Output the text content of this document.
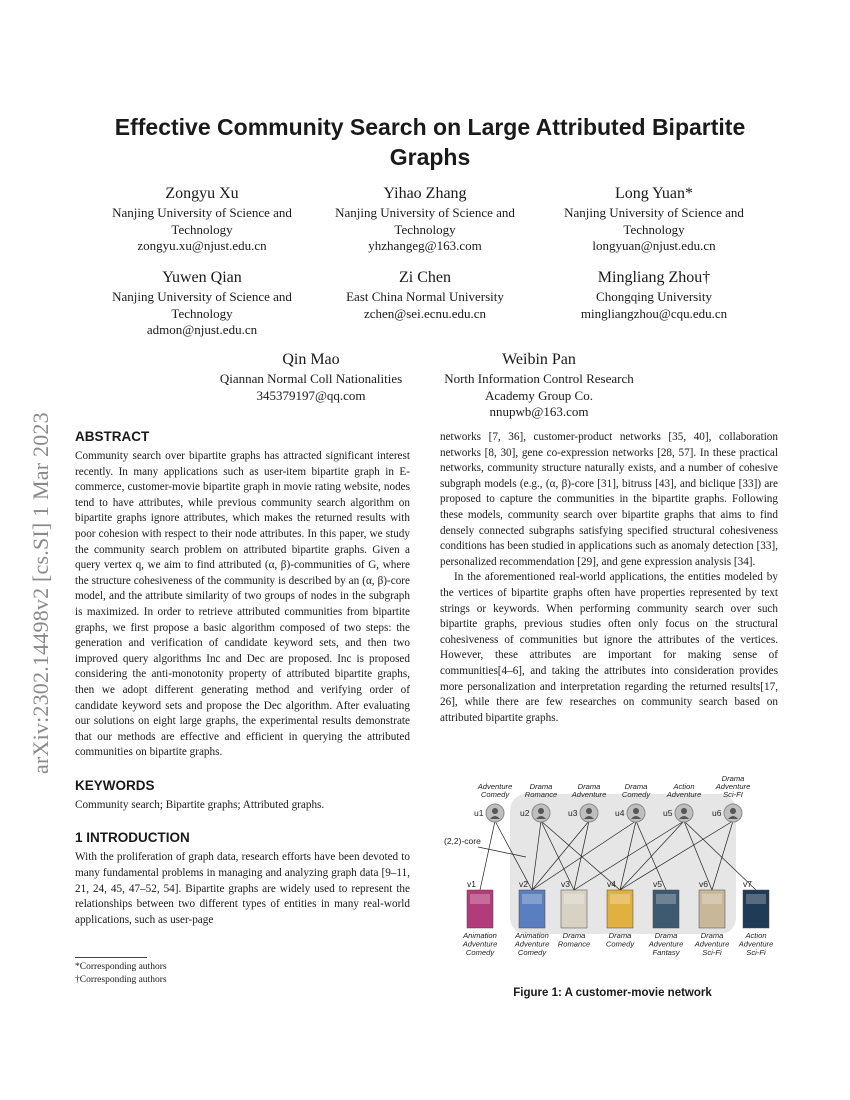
arXiv:2302.14498v2 [cs.SI] 1 Mar 2023
Effective Community Search on Large Attributed Bipartite Graphs
Zongyu Xu
Nanjing University of Science and Technology
zongyu.xu@njust.edu.cn
Yihao Zhang
Nanjing University of Science and Technology
yhzhangeg@163.com
Long Yuan*
Nanjing University of Science and Technology
longyuan@njust.edu.cn
Yuwen Qian
Nanjing University of Science and Technology
admon@njust.edu.cn
Zi Chen
East China Normal University
zchen@sei.ecnu.edu.cn
Mingliang Zhou†
Chongqing University
mingliangzhou@cqu.edu.cn
Qin Mao
Qiannan Normal Coll Nationalities
345379197@qq.com
Weibin Pan
North Information Control Research Academy Group Co.
nnupwb@163.com
ABSTRACT

Community search over bipartite graphs has attracted significant interest recently. In many applications such as user-item bipartite graph in E-commerce, customer-movie bipartite graph in movie rating website, nodes tend to have attributes, while previous community search algorithm on bipartite graphs ignore attributes, which makes the returned results with poor cohesion with respect to their node attributes. In this paper, we study the community search problem on attributed bipartite graphs. Given a query vertex q, we aim to find attributed (α, β)-communities of G, where the structure cohesiveness of the community is described by an (α, β)-core model, and the attribute similarity of two groups of nodes in the subgraph is maximized. In order to retrieve attributed communities from bipartite graphs, we first propose a basic algorithm composed of two steps: the generation and verification of candidate keyword sets, and then two improved query algorithms Inc and Dec are proposed. Inc is proposed considering the anti-monotonity property of attributed bipartite graphs, then we adopt different generating method and verifying order of candidate keyword sets and propose the Dec algorithm. After evaluating our solutions on eight large graphs, the experimental results demonstrate that our methods are effective and efficient in querying the attributed communities on bipartite graphs.

KEYWORDS

Community search; Bipartite graphs; Attributed graphs.

1 INTRODUCTION

With the proliferation of graph data, research efforts have been devoted to many fundamental problems in managing and analyzing graph data [9–11, 21, 24, 45, 47–52, 54]. Bipartite graphs are widely used to represent the relationships between two different types of entities in many real-world applications, such as user-page

*Corresponding authors
†Corresponding authors

networks [7, 36], customer-product networks [35, 40], collaboration networks [8, 30], gene co-expression networks [28, 57]. In these practical networks, community structure naturally exists, and a number of cohesive subgraph models (e.g., (α, β)-core [31], bitruss [43], and biclique [33]) are proposed to capture the communities in the bipartite graphs. Following these models, community search over bipartite graphs that aims to find densely connected subgraphs satisfying specified structural cohesiveness conditions has been studied in applications such as anomaly detection [33], personalized recommendation [29], and gene expression analysis [34].

In the aforementioned real-world applications, the entities modeled by the vertices of bipartite graphs often have properties represented by text strings or keywords. When performing community search over such bipartite graphs, previous studies often only focus on the structural cohesiveness of communities but ignore the attributes of the vertices. However, these attributes are important for making sense of communities[4–6], and taking the attributes into consideration provides more personalization and interpretation regarding the returned results[17, 26], while there are few researches on community search based on attributed bipartite graphs.

(2,2)-core
u1
Adventure
Comedy
u2
Drama
Romance
u3
Drama
Adventure
u4
Drama
Comedy
u5
Action
Adventure
u6
Drama
Adventure
Sci-FI
v1
Animation
Adventure
Comedy
v2
Animation
Adventure
Comedy
v3
Drama
Romance
v4
Drama
Comedy
v5
Drama
Adventure
Fantasy
v6
Drama
Adventure
Sci-Fi
v7
Action
Adventure
Sci-Fi
Figure 1: A customer-movie network
